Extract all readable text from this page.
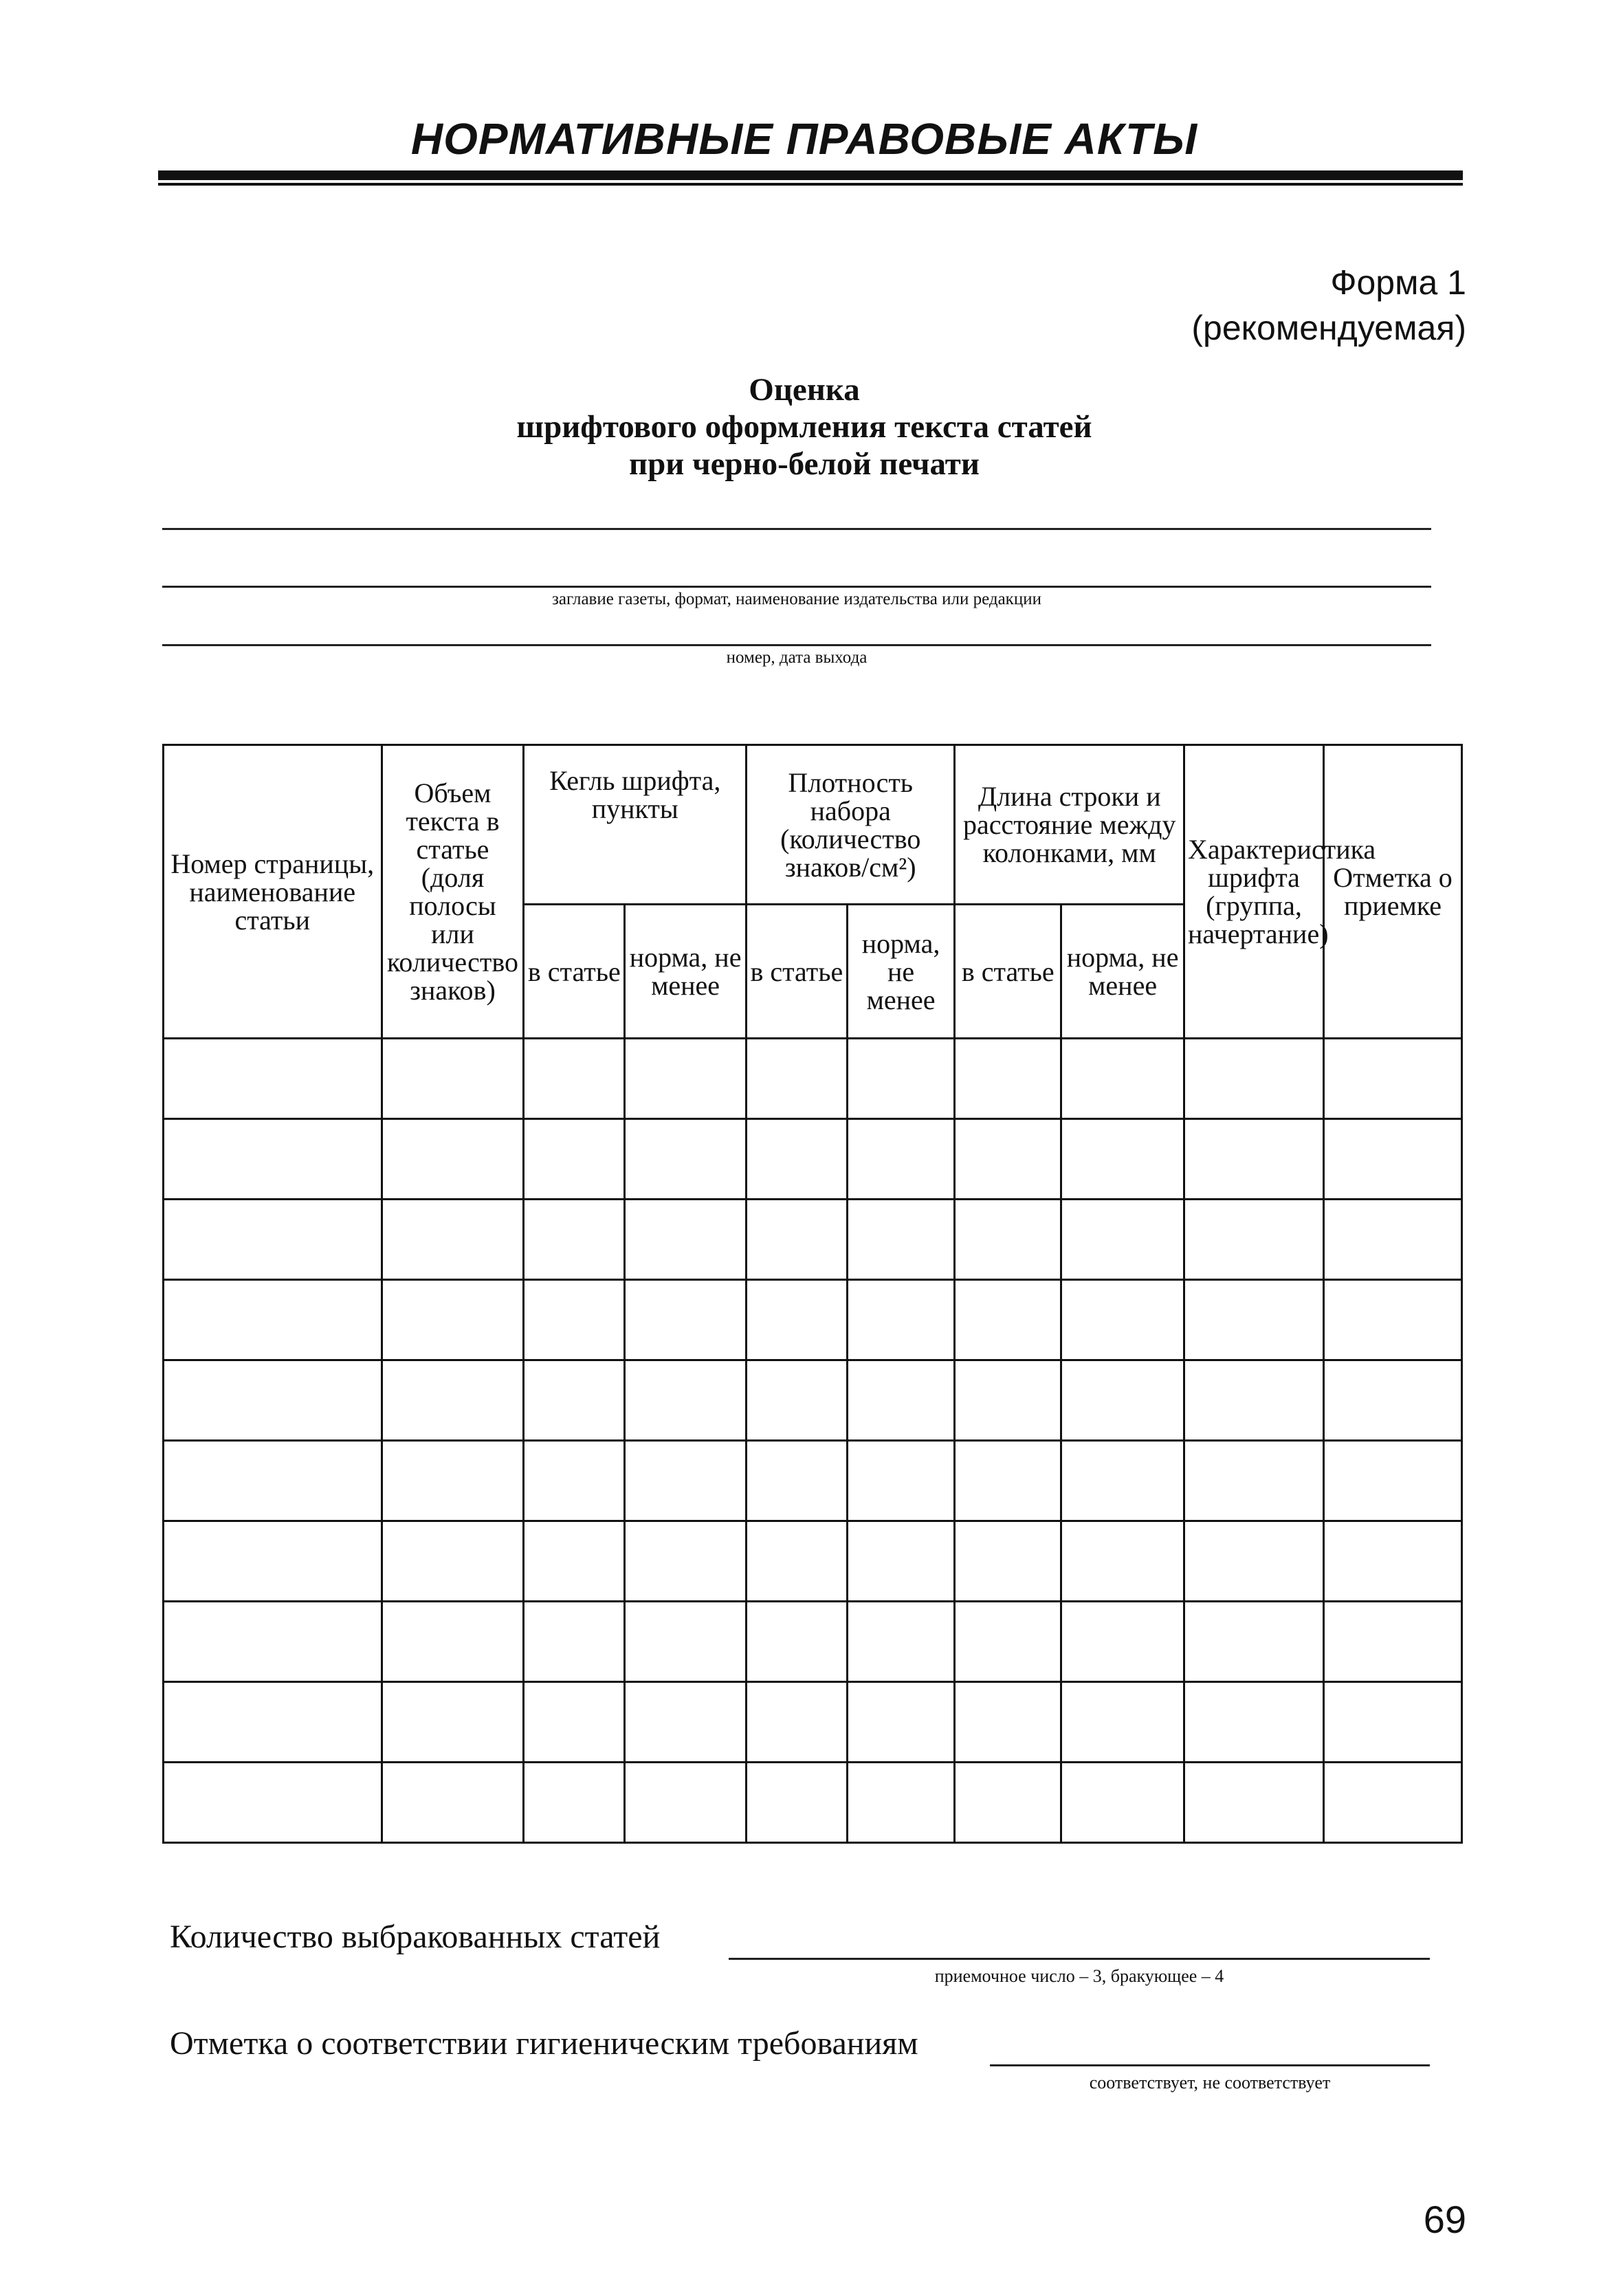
НОРМАТИВНЫЕ ПРАВОВЫЕ АКТЫ
Форма 1
(рекомендуемая)
Оценка
шрифтового оформления текста статей
при черно-белой печати
заглавие газеты, формат, наименование издательства или редакции
номер, дата выхода
Номер страницы, наименование статьи	Объем текста в статье (доля полосы или количество знаков)	Кегль шрифта, пункты		Плотность набора (количество знаков/см²)		Длина строки и расстояние между колонками, мм		Характеристика шрифта (группа, начертание)	Отметка о приемке
		в статье	норма, не менее	в статье	норма, не менее	в статье	норма, не менее		

Количество выбракованных статей
приемочное число – 3, бракующее – 4
Отметка о соответствии гигиеническим требованиям
соответствует, не соответствует
69
